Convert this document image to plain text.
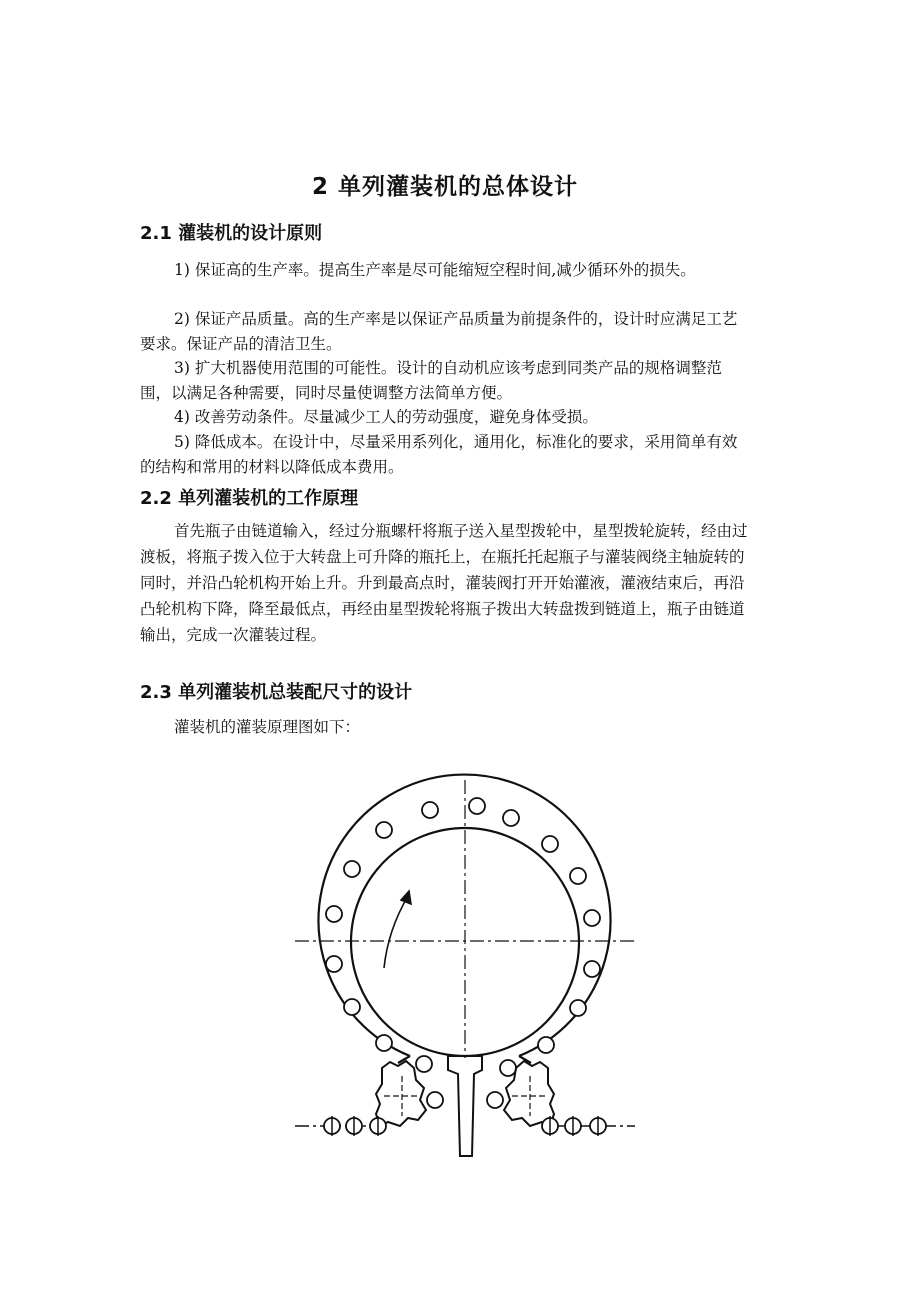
2 单列灌装机的总体设计
2.1 灌装机的设计原则
1) 保证高的生产率。提高生产率是尽可能缩短空程时间,减少循环外的损失。
2) 保证产品质量。高的生产率是以保证产品质量为前提条件的，设计时应满足工艺要求。保证产品的清洁卫生。
3) 扩大机器使用范围的可能性。设计的自动机应该考虑到同类产品的规格调整范围，以满足各种需要，同时尽量使调整方法简单方便。
4) 改善劳动条件。尽量减少工人的劳动强度，避免身体受损。
5) 降低成本。在设计中，尽量采用系列化，通用化，标准化的要求，采用简单有效的结构和常用的材料以降低成本费用。
2.2 单列灌装机的工作原理
首先瓶子由链道输入，经过分瓶螺杆将瓶子送入星型拨轮中，星型拨轮旋转，经由过渡板，将瓶子拨入位于大转盘上可升降的瓶托上，在瓶托托起瓶子与灌装阀绕主轴旋转的同时，并沿凸轮机构开始上升。升到最高点时，灌装阀打开开始灌液，灌液结束后，再沿凸轮机构下降，降至最低点，再经由星型拨轮将瓶子拨出大转盘拨到链道上，瓶子由链道输出，完成一次灌装过程。
2.3 单列灌装机总装配尺寸的设计
灌装机的灌装原理图如下：
